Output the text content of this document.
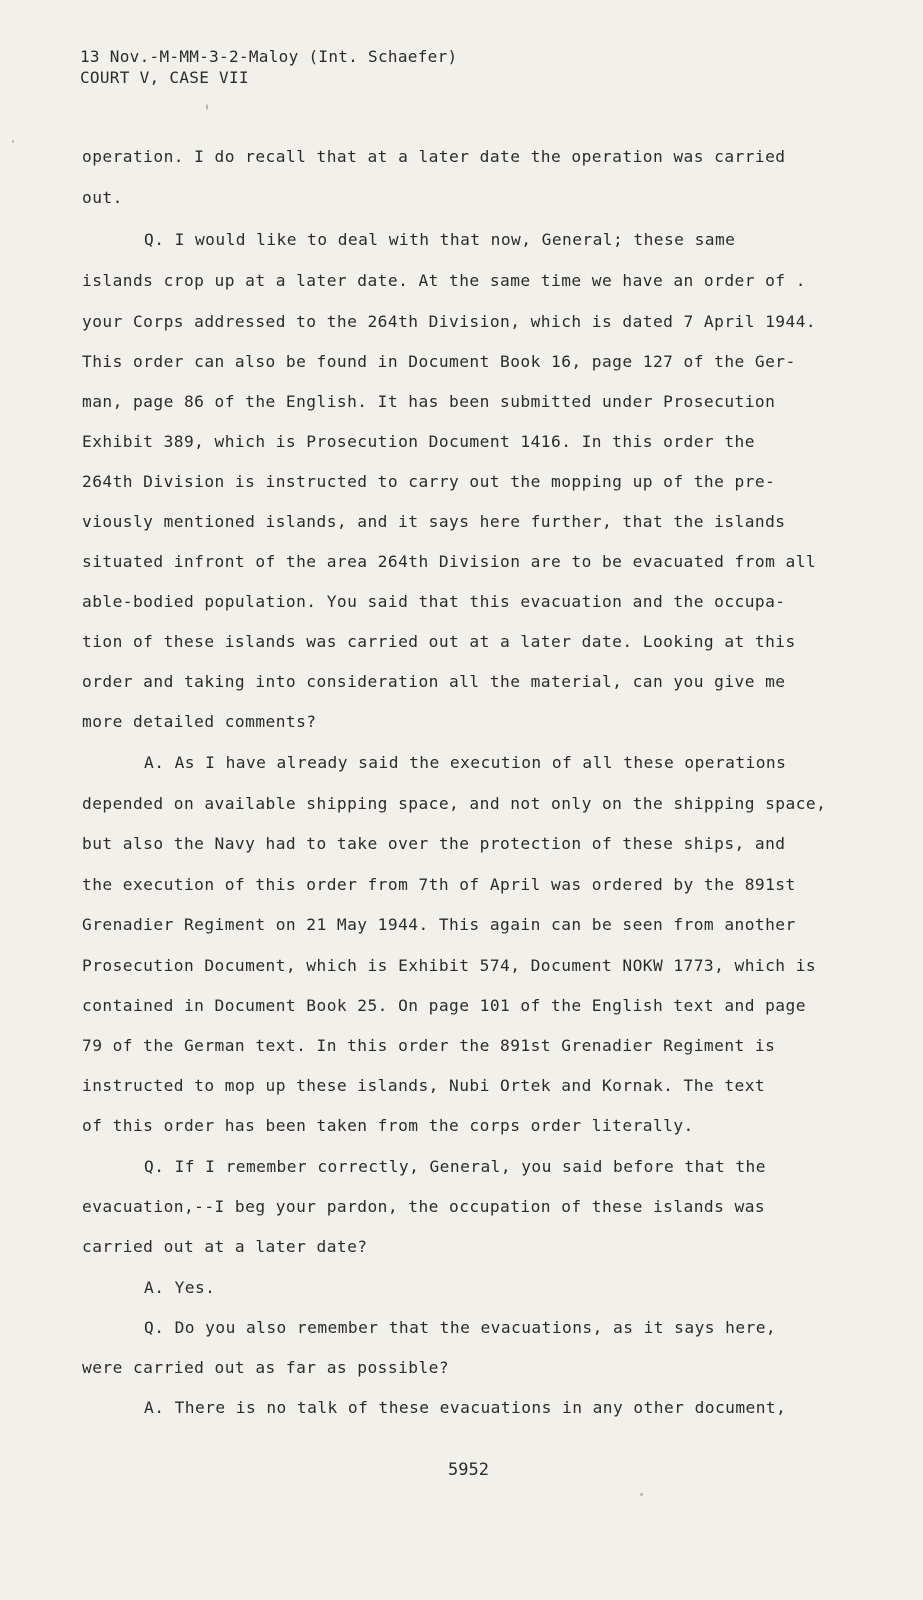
13 Nov.-M-MM-3-2-Maloy (Int. Schaefer)
COURT V, CASE VII
operation. I do recall that at a later date the operation was carried
out.
Q. I would like to deal with that now, General; these same
islands crop up at a later date. At the same time we have an order of .
your Corps addressed to the 264th Division, which is dated 7 April 1944.
This order can also be found in Document Book 16, page 127 of the Ger-
man, page 86 of the English. It has been submitted under Prosecution
Exhibit 389, which is Prosecution Document 1416. In this order the
264th Division is instructed to carry out the mopping up of the pre-
viously mentioned islands, and it says here further, that the islands
situated infront of the area 264th Division are to be evacuated from all
able-bodied population. You said that this evacuation and the occupa-
tion of these islands was carried out at a later date. Looking at this
order and taking into consideration all the material, can you give me
more detailed comments?
A. As I have already said the execution of all these operations
depended on available shipping space, and not only on the shipping space,
but also the Navy had to take over the protection of these ships, and
the execution of this order from 7th of April was ordered by the 891st
Grenadier Regiment on 21 May 1944. This again can be seen from another
Prosecution Document, which is Exhibit 574, Document NOKW 1773, which is
contained in Document Book 25. On page 101 of the English text and page
79 of the German text. In this order the 891st Grenadier Regiment is
instructed to mop up these islands, Nubi Ortek and Kornak. The text
of this order has been taken from the corps order literally.
Q. If I remember correctly, General, you said before that the
evacuation,--I beg your pardon, the occupation of these islands was
carried out at a later date?
A. Yes.
Q. Do you also remember that the evacuations, as it says here,
were carried out as far as possible?
A. There is no talk of these evacuations in any other document,
5952
